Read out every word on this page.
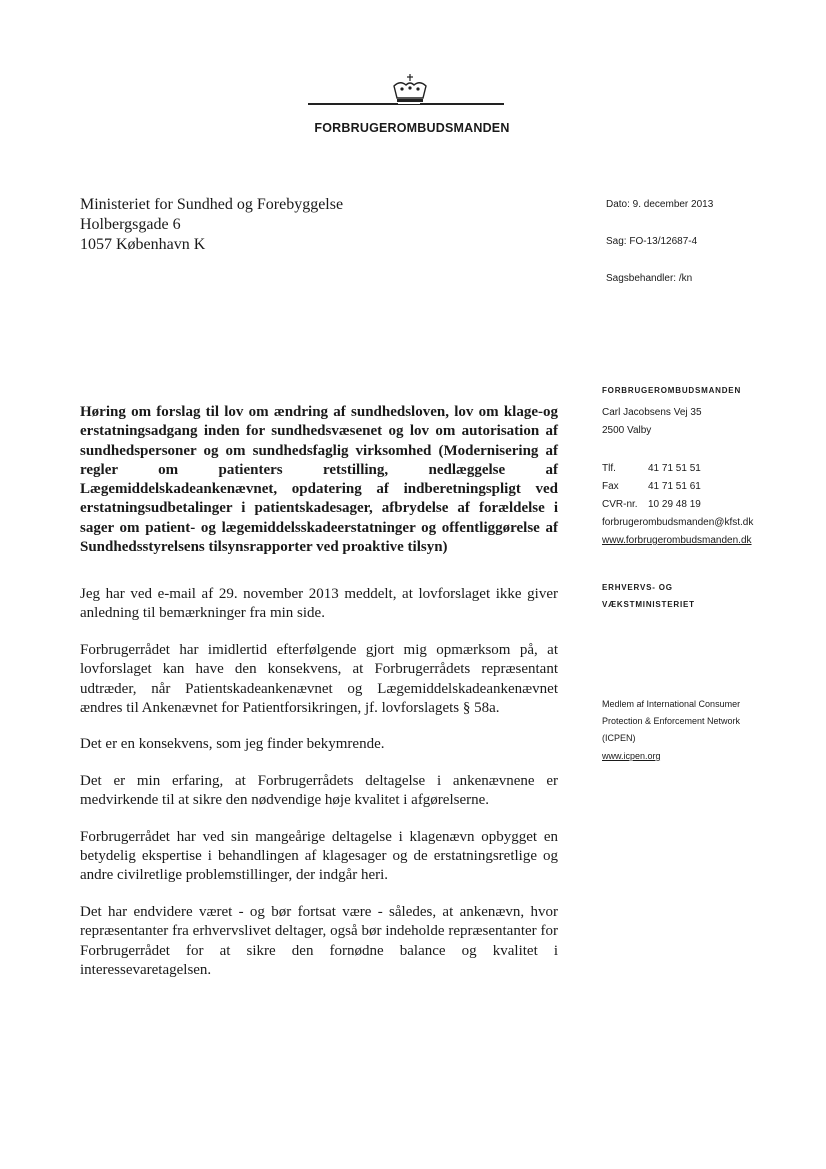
FORBRUGEROMBUDSMANDEN
Ministeriet for Sundhed og Forebyggelse
Holbergsgade 6
1057 København K
Dato: 9. december 2013
Sag: FO-13/12687-4
Sagsbehandler: /kn
FORBRUGEROMBUDSMANDEN
Carl Jacobsens Vej 35
2500 Valby
Tlf.	41 71 51 51
Fax	41 71 51 61
CVR-nr. 10 29 48 19
forbrugerombudsmanden@kfst.dk
www.forbrugerombudsmanden.dk
ERHVERVS- OG
VÆKSTMINISTERIET
Medlem af International Consumer
Protection & Enforcement Network
(ICPEN)
www.icpen.org

Høring om forslag til lov om ændring af sundhedsloven, lov om klage-og erstatningsadgang inden for sundhedsvæsenet og lov om autorisation af sundhedspersoner og om sundhedsfaglig virksomhed (Modernisering af regler om patienters retstilling, nedlæggelse af Lægemiddelskadeankenævnet, opdatering af indberetningspligt ved erstatningsudbetalinger i patientskadesager, afbrydelse af forældelse i sager om patient- og lægemiddelsskadeerstatninger og offentliggørelse af Sundhedsstyrelsens tilsynsrapporter ved proaktive tilsyn)

Jeg har ved e-mail af 29. november 2013 meddelt, at lovforslaget ikke giver anledning til bemærkninger fra min side.

Forbrugerrådet har imidlertid efterfølgende gjort mig opmærksom på, at lovforslaget kan have den konsekvens, at Forbrugerrådets repræsentant udtræder, når Patientskadeankenævnet og Lægemiddelskadeankenævnet ændres til Ankenævnet for Patientforsikringen, jf. lovforslagets § 58a.

Det er en konsekvens, som jeg finder bekymrende.

Det er min erfaring, at Forbrugerrådets deltagelse i ankenævnene er medvirkende til at sikre den nødvendige høje kvalitet i afgørelserne.

Forbrugerrådet har ved sin mangeårige deltagelse i klagenævn opbygget en betydelig ekspertise i behandlingen af klagesager og de erstatningsretlige og andre civilretlige problemstillinger, der indgår heri.

Det har endvidere været - og bør fortsat være - således, at ankenævn, hvor repræsentanter fra erhvervslivet deltager, også bør indeholde repræsentanter for Forbrugerrådet for at sikre den fornødne balance og kvalitet i interessevaretagelsen.
